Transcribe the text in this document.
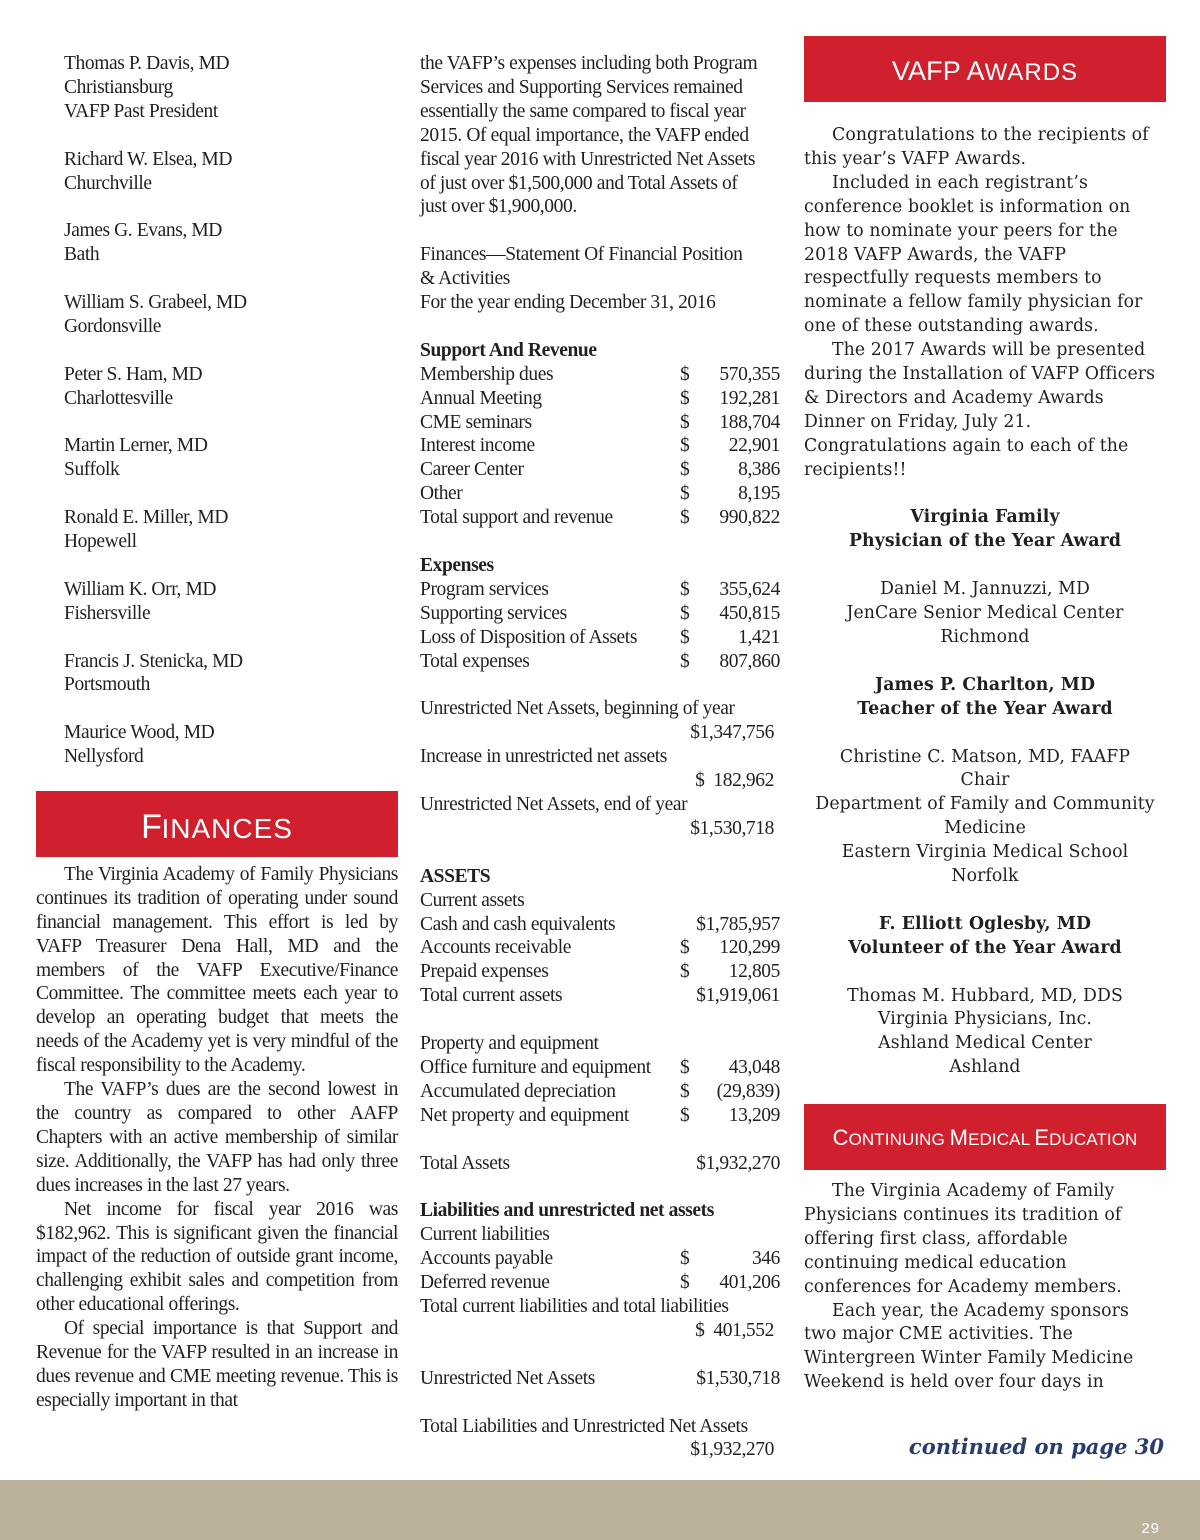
Thomas P. Davis, MD
Christiansburg
VAFP Past President
Richard W. Elsea, MD
Churchville
James G. Evans, MD
Bath
William S. Grabeel, MD
Gordonsville
Peter S. Ham, MD
Charlottesville
Martin Lerner, MD
Suffolk
Ronald E. Miller, MD
Hopewell
William K. Orr, MD
Fishersville
Francis J. Stenicka, MD
Portsmouth
Maurice Wood, MD
Nellysford
FINANCES

The Virginia Academy of Family Physicians continues its tradition of operating under sound financial management. This effort is led by VAFP Treasurer Dena Hall, MD and the members of the VAFP Executive/Finance Committee. The committee meets each year to develop an operating budget that meets the needs of the Academy yet is very mindful of the fiscal responsibility to the Academy.

The VAFP’s dues are the second lowest in the country as compared to other AAFP Chapters with an active membership of similar size. Additionally, the VAFP has had only three dues increases in the last 27 years.

Net income for fiscal year 2016 was $182,962. This is significant given the financial impact of the reduction of outside grant income, challenging exhibit sales and competition from other educational offerings.

Of special importance is that Support and Revenue for the VAFP resulted in an increase in dues revenue and CME meeting revenue. This is especially important in that

the VAFP’s expenses including both Program
Services and Supporting Services remained
essentially the same compared to fiscal year
2015. Of equal importance, the VAFP ended
fiscal year 2016 with Unrestricted Net Assets
of just over $1,500,000 and Total Assets of
just over $1,900,000.
Finances—Statement Of Financial Position
& Activities
For the year ending December 31, 2016
Support And Revenue
Membership dues	$	570,355
Annual Meeting	$	192,281
CME seminars	$	188,704
Interest income	$	22,901
Career Center	$	8,386
Other	$	8,195
Total support and revenue	$	990,822
Expenses
Program services	$	355,624
Supporting services	$	450,815
Loss of Disposition of Assets	$	1,421
Total expenses	$	807,860
Unrestricted Net Assets, beginning of year
$1,347,756
Increase in unrestricted net assets
$  182,962
Unrestricted Net Assets, end of year
$1,530,718
ASSETS
Current assets
Cash and cash equivalents	$1,785,957
Accounts receivable	$	120,299
Prepaid expenses	$	12,805
Total current assets	$1,919,061
Property and equipment
Office furniture and equipment	$	43,048
Accumulated depreciation	$	(29,839)
Net property and equipment	$	13,209
Total Assets	$1,932,270
Liabilities and unrestricted net assets
Current liabilities
Accounts payable	$	346
Deferred revenue	$	401,206
Total current liabilities and total liabilities
$  401,552
Unrestricted Net Assets	$1,530,718
Total Liabilities and Unrestricted Net Assets
$1,932,270
VAFP AWARDS

Congratulations to the recipients of this year’s VAFP Awards.

Included in each registrant’s conference booklet is information on how to nominate your peers for the 2018 VAFP Awards, the VAFP respectfully requests members to nominate a fellow family physician for one of these outstanding awards.

The 2017 Awards will be presented during the Installation of VAFP Officers & Directors and Academy Awards Dinner on Friday, July 21. Congratulations again to each of the recipients!!

Virginia Family
Physician of the Year Award
Daniel M. Jannuzzi, MD
JenCare Senior Medical Center
Richmond
James P. Charlton, MD
Teacher of the Year Award
Christine C. Matson, MD, FAAFP
Chair
Department of Family and Community
Medicine
Eastern Virginia Medical School
Norfolk
F. Elliott Oglesby, MD
Volunteer of the Year Award
Thomas M. Hubbard, MD, DDS
Virginia Physicians, Inc.
Ashland Medical Center
Ashland
CONTINUING MEDICAL EDUCATION

The Virginia Academy of Family Physicians continues its tradition of offering first class, affordable continuing medical education conferences for Academy members.

Each year, the Academy sponsors two major CME activities. The Wintergreen Winter Family Medicine Weekend is held over four days in

continued on page 30
29
